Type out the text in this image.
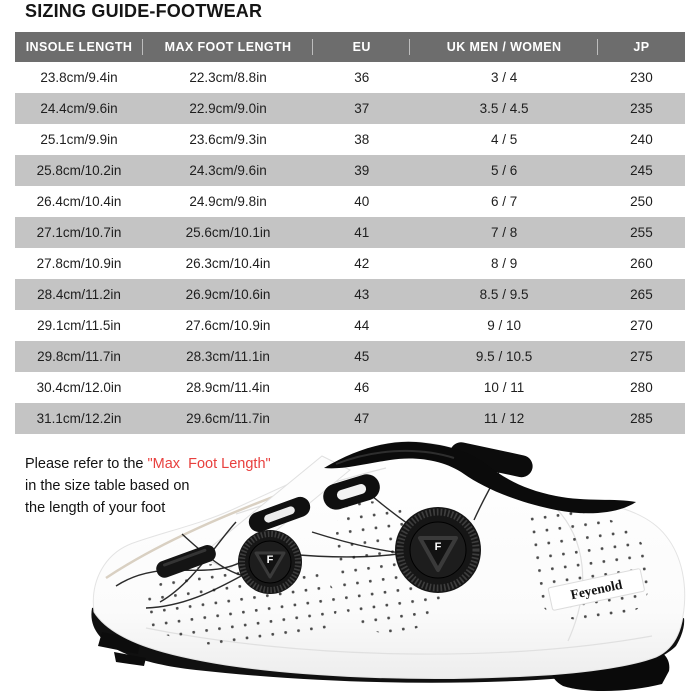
SIZING GUIDE-FOOTWEAR
INSOLE LENGTH	MAX FOOT LENGTH	EU	UK MEN / WOMEN	JP
23.8cm/9.4in	22.3cm/8.8in	36	3 / 4	230
24.4cm/9.6in	22.9cm/9.0in	37	3.5 / 4.5	235
25.1cm/9.9in	23.6cm/9.3in	38	4 / 5	240
25.8cm/10.2in	24.3cm/9.6in	39	5 / 6	245
26.4cm/10.4in	24.9cm/9.8in	40	6 / 7	250
27.1cm/10.7in	25.6cm/10.1in	41	7 / 8	255
27.8cm/10.9in	26.3cm/10.4in	42	8 / 9	260
28.4cm/11.2in	26.9cm/10.6in	43	8.5 / 9.5	265
29.1cm/11.5in	27.6cm/10.9in	44	9 / 10	270
29.8cm/11.7in	28.3cm/11.1in	45	9.5 / 10.5	275
30.4cm/12.0in	28.9cm/11.4in	46	10 / 11	280
31.1cm/12.2in	29.6cm/11.7in	47	11 / 12	285
Please refer to the "Max  Foot Length"
in the size table based on
the length of your foot
F
F
Feyenold
